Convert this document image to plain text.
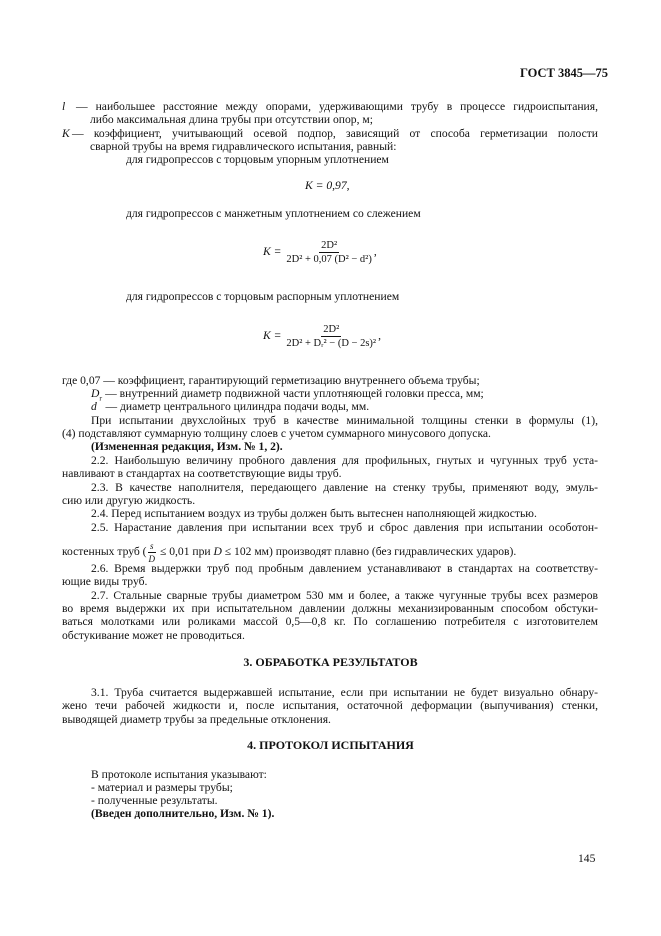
ГОСТ 3845—75
l — наибольшее расстояние между опорами, удерживающими трубу в процессе гидроиспытания,
либо максимальная длина трубы при отсутствии опор, м;
K — коэффициент, учитывающий осевой подпор, зависящий от способа герметизации полости
сварной трубы на время гидравлического испытания, равный:
для гидропрессов с торцовым упорным уплотнением
K = 0,97,
для гидропрессов с манжетным уплотнением со слежением
$K = \frac{\text{2D²}}{\text{2D² + 0,07 (D² − d²)}}$ ,
для гидропрессов с торцовым распорным уплотнением
$K = \frac{\text{2D²}}{\text{2D² + Dᵣ² − (D − 2s)²}}$ ,
где 0,07 — коэффициент, гарантирующий герметизацию внутреннего объема трубы;
$D_г$ — внутренний диаметр подвижной части уплотняющей головки пресса, мм;
d — диаметр центрального цилиндра подачи воды, мм.
При испытании двухслойных труб в качестве минимальной толщины стенки в формулы (1),
(4) подставляют суммарную толщину слоев с учетом суммарного минусового допуска.
(Измененная редакция, Изм. № 1, 2).
2.2. Наибольшую величину пробного давления для профильных, гнутых и чугунных труб уста-
навливают в стандартах на соответствующие виды труб.
2.3. В качестве наполнителя, передающего давление на стенку трубы, применяют воду, эмуль-
сию или другую жидкость.
2.4. Перед испытанием воздух из трубы должен быть вытеснен наполняющей жидкостью.
2.5. Нарастание давления при испытании всех труб и сброс давления при испытании особотон-
костенных труб ( $\frac{s}{D} \le 0,01$ при D ≤ 102 мм) производят плавно (без гидравлических ударов).
2.6. Время выдержки труб под пробным давлением устанавливают в стандартах на соответству-
ющие виды труб.
2.7. Стальные сварные трубы диаметром 530 мм и более, а также чугунные трубы всех размеров
во время выдержки их при испытательном давлении должны механизированным способом обстуки-
ваться молотками или роликами массой 0,5—0,8 кг. По соглашению потребителя с изготовителем
обстукивание может не проводиться.
3. ОБРАБОТКА РЕЗУЛЬТАТОВ
3.1. Труба считается выдержавшей испытание, если при испытании не будет визуально обнару-
жено течи рабочей жидкости и, после испытания, остаточной деформации (выпучивания) стенки,
выводящей диаметр трубы за предельные отклонения.
4. ПРОТОКОЛ ИСПЫТАНИЯ
В протоколе испытания указывают:
- материал и размеры трубы;
- полученные результаты.
(Введен дополнительно, Изм. № 1).
145
